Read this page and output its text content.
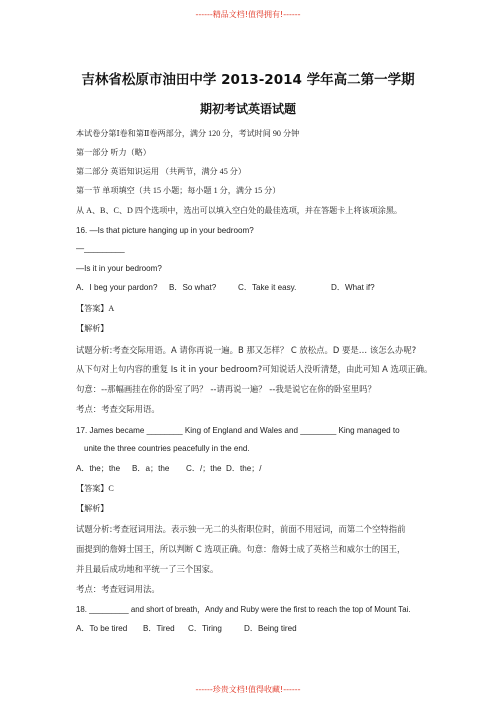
------精品文档!值得拥有!------
吉林省松原市油田中学 2013-2014 学年高二第一学期
期初考试英语试题
本试卷分第Ⅰ卷和第Ⅱ卷两部分，满分 120 分，考试时间 90 分钟
第一部分 听力（略）
第二部分 英语知识运用 （共两节，满分 45 分）
第一节 单项填空（共 15 小题；每小题 1 分，满分 15 分）
从 A、B、C、D 四个选项中，选出可以填入空白处的最佳选项，并在答题卡上将该项涂黑。
16. —Is that picture hanging up in your bedroom?
—_________
—Is it in your bedroom?
A．I beg your pardon? B．So what?	C．Take it easy.	D．What if?
【答案】A
【解析】
试题分析:考查交际用语。A 请你再说一遍。B 那又怎样？ C 放松点。D 要是… 该怎么办呢?
从下句对上句内容的重复 Is it in your bedroom?可知说话人没听清楚，由此可知 A 选项正确。
句意：--那幅画挂在你的卧室了吗？ --请再说一遍？ --我是说它在你的卧室里吗？
考点：考查交际用语。
17. James became ________ King of England and Wales and ________ King managed to
unite the three countries peacefully in the end.
A．the；the B．a；the C．/；the D．the；/
【答案】C
【解析】
试题分析:考查冠词用法。表示独一无二的头衔职位时，前面不用冠词，而第二个空特指前
面提到的詹姆士国王，所以判断 C 选项正确。句意：詹姆士成了英格兰和威尔士的国王，
并且最后成功地和平统一了三个国家。
考点：考查冠词用法。
18. _________ and short of breath，Andy and Ruby were the first to reach the top of Mount Tai.
A．To be tired B．Tired C．Tiring	D．Being tired
------珍贵文档!值得收藏!------
